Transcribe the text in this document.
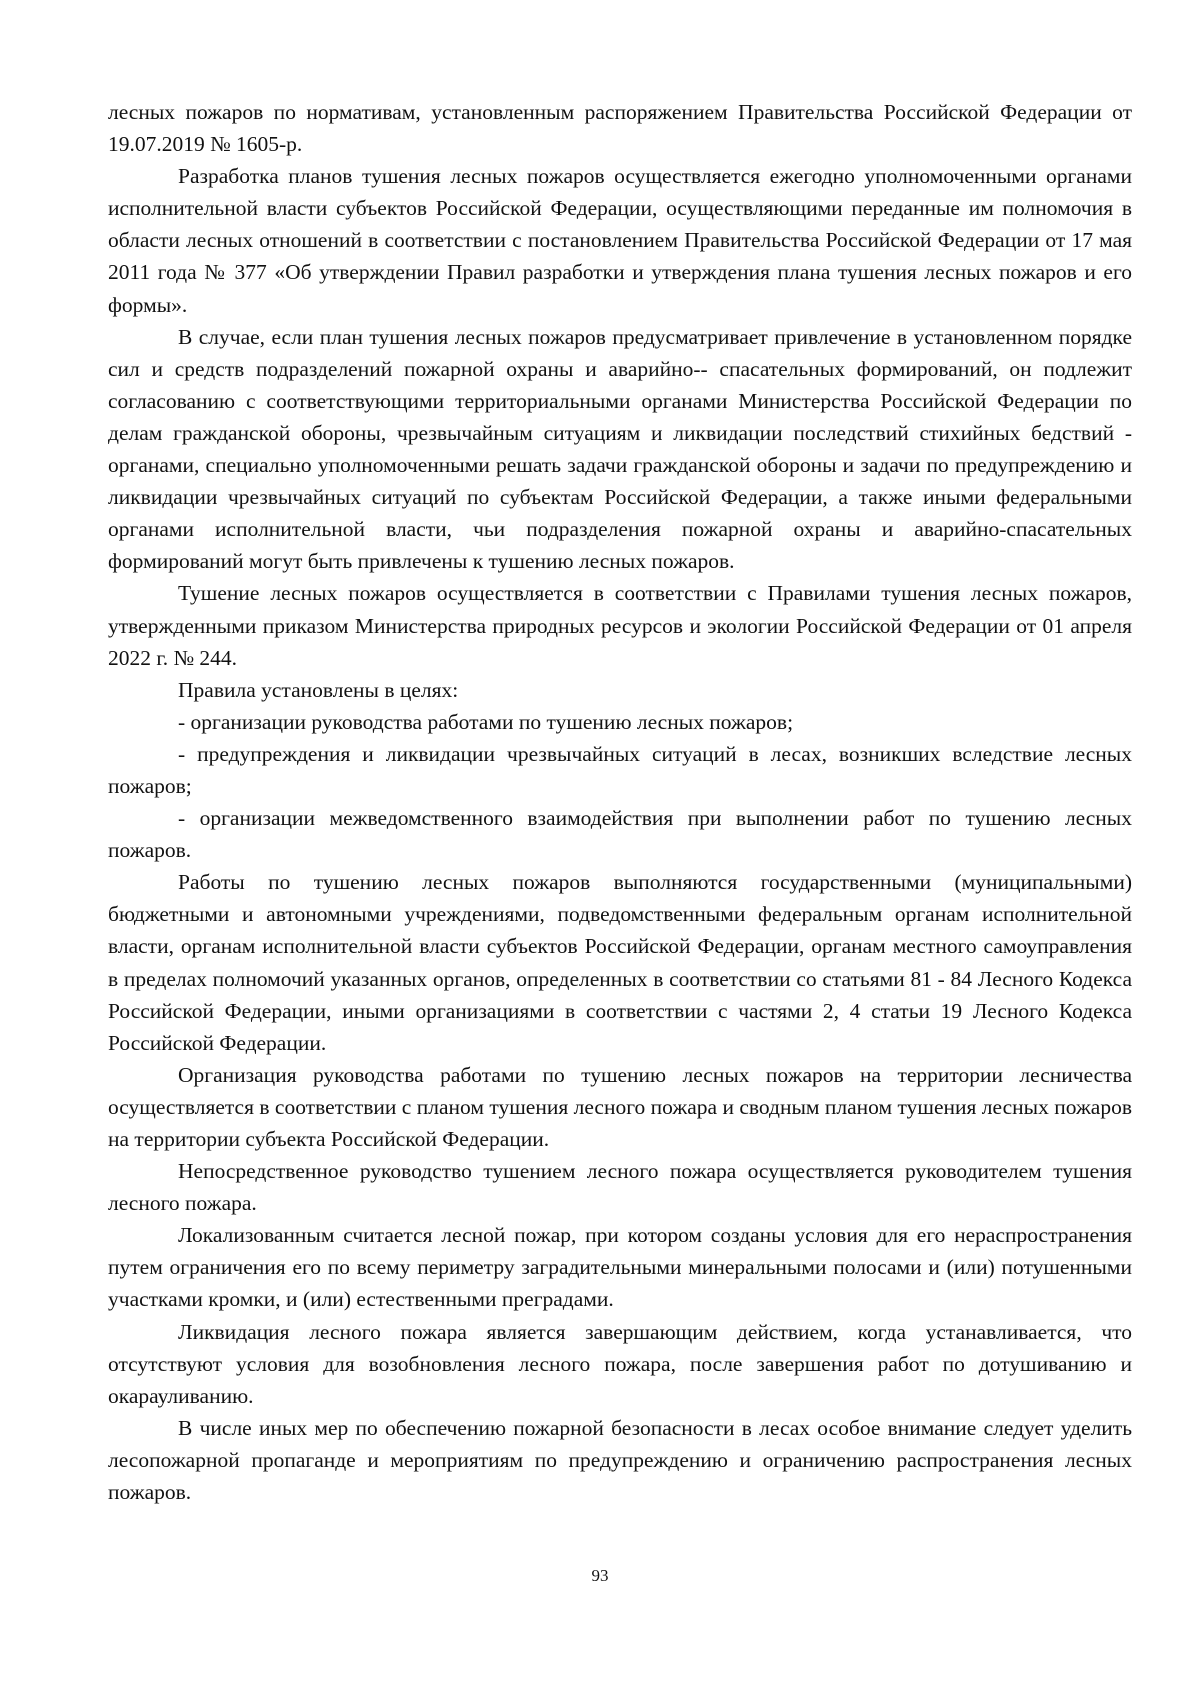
лесных пожаров по нормативам, установленным распоряжением Правительства Российской Федерации от 19.07.2019 № 1605-р.

Разработка планов тушения лесных пожаров осуществляется ежегодно уполномоченными органами исполнительной власти субъектов Российской Федерации, осуществляющими переданные им полномочия в области лесных отношений в соответствии с постановлением Правительства Российской Федерации от 17 мая 2011 года № 377 «Об утверждении Правил разработки и утверждения плана тушения лесных пожаров и его формы».

В случае, если план тушения лесных пожаров предусматривает привлечение в установленном порядке сил и средств подразделений пожарной охраны и аварийно-- спасательных формирований, он подлежит согласованию с соответствующими территориальными органами Министерства Российской Федерации по делам гражданской обороны, чрезвычайным ситуациям и ликвидации последствий стихийных бедствий - органами, специально уполномоченными решать задачи гражданской обороны и задачи по предупреждению и ликвидации чрезвычайных ситуаций по субъектам Российской Федерации, а также иными федеральными органами исполнительной власти, чьи подразделения пожарной охраны и аварийно-спасательных формирований могут быть привлечены к тушению лесных пожаров.

Тушение лесных пожаров осуществляется в соответствии с Правилами тушения лесных пожаров, утвержденными приказом Министерства природных ресурсов и экологии Российской Федерации от 01 апреля 2022 г. № 244.

Правила установлены в целях:

- организации руководства работами по тушению лесных пожаров;

- предупреждения и ликвидации чрезвычайных ситуаций в лесах, возникших вследствие лесных пожаров;

- организации межведомственного взаимодействия при выполнении работ по тушению лесных пожаров.

Работы по тушению лесных пожаров выполняются государственными (муниципальными) бюджетными и автономными учреждениями, подведомственными федеральным органам исполнительной власти, органам исполнительной власти субъектов Российской Федерации, органам местного самоуправления в пределах полномочий указанных органов, определенных в соответствии со статьями 81 - 84 Лесного Кодекса Российской Федерации, иными организациями в соответствии с частями 2, 4 статьи 19 Лесного Кодекса Российской Федерации.

Организация руководства работами по тушению лесных пожаров на территории лесничества осуществляется в соответствии с планом тушения лесного пожара и сводным планом тушения лесных пожаров на территории субъекта Российской Федерации.

Непосредственное руководство тушением лесного пожара осуществляется руководителем тушения лесного пожара.

Локализованным считается лесной пожар, при котором созданы условия для его нераспространения путем ограничения его по всему периметру заградительными минеральными полосами и (или) потушенными участками кромки, и (или) естественными преградами.

Ликвидация лесного пожара является завершающим действием, когда устанавливается, что отсутствуют условия для возобновления лесного пожара, после завершения работ по дотушиванию и окарауливанию.

В числе иных мер по обеспечению пожарной безопасности в лесах особое внимание следует уделить лесопожарной пропаганде и мероприятиям по предупреждению и ограничению распространения лесных пожаров.

93
